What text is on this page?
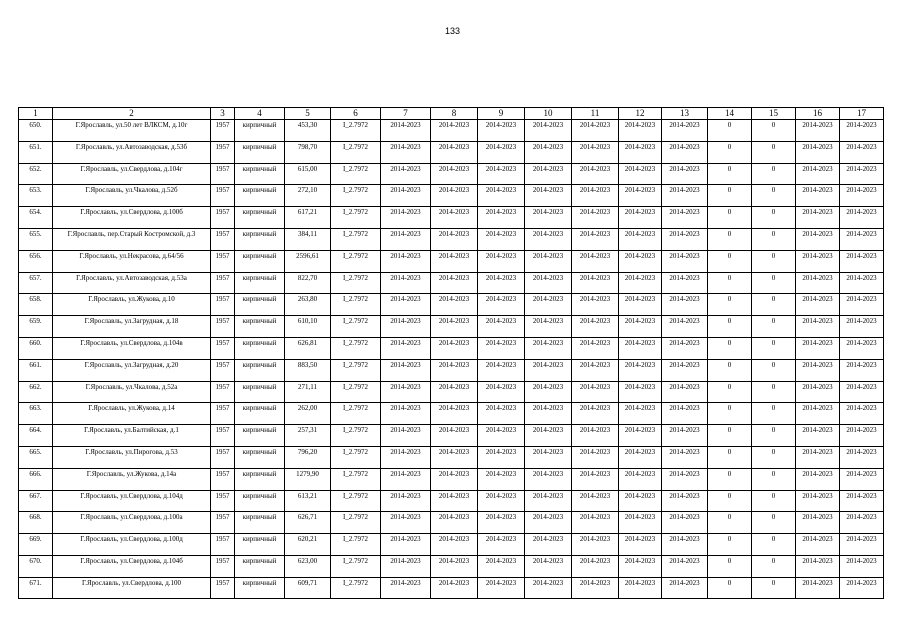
133
1	2	3	4	5	6	7	8	9	10	11	12	13	14	15	16	17
650.	Г.Ярославль, ул.50 лет ВЛКСМ, д.10г	1957	кирпичный	453,30	I_2.7972	2014-2023	2014-2023	2014-2023	2014-2023	2014-2023	2014-2023	2014-2023	0	0	2014-2023	2014-2023
651.	Г.Ярославль, ул.Автозаводская, д.53б	1957	кирпичный	798,70	I_2.7972	2014-2023	2014-2023	2014-2023	2014-2023	2014-2023	2014-2023	2014-2023	0	0	2014-2023	2014-2023
652.	Г.Ярославль, ул.Свердлова, д.104г	1957	кирпичный	615,00	I_2.7972	2014-2023	2014-2023	2014-2023	2014-2023	2014-2023	2014-2023	2014-2023	0	0	2014-2023	2014-2023
653.	Г.Ярославль, ул.Чкалова, д.52б	1957	кирпичный	272,10	I_2.7972	2014-2023	2014-2023	2014-2023	2014-2023	2014-2023	2014-2023	2014-2023	0	0	2014-2023	2014-2023
654.	Г.Ярославль, ул.Свердлова, д.100б	1957	кирпичный	617,21	I_2.7972	2014-2023	2014-2023	2014-2023	2014-2023	2014-2023	2014-2023	2014-2023	0	0	2014-2023	2014-2023
655.	Г.Ярославль, пер.Старый Костромской, д.3	1957	кирпичный	384,11	I_2.7972	2014-2023	2014-2023	2014-2023	2014-2023	2014-2023	2014-2023	2014-2023	0	0	2014-2023	2014-2023
656.	Г.Ярославль, ул.Некрасова, д.64/56	1957	кирпичный	2596,61	I_2.7972	2014-2023	2014-2023	2014-2023	2014-2023	2014-2023	2014-2023	2014-2023	0	0	2014-2023	2014-2023
657.	Г.Ярославль, ул.Автозаводская, д.53а	1957	кирпичный	822,70	I_2.7972	2014-2023	2014-2023	2014-2023	2014-2023	2014-2023	2014-2023	2014-2023	0	0	2014-2023	2014-2023
658.	Г.Ярославль, ул.Жукова, д.10	1957	кирпичный	263,80	I_2.7972	2014-2023	2014-2023	2014-2023	2014-2023	2014-2023	2014-2023	2014-2023	0	0	2014-2023	2014-2023
659.	Г.Ярославль, ул.Загрудная, д.18	1957	кирпичный	610,10	I_2.7972	2014-2023	2014-2023	2014-2023	2014-2023	2014-2023	2014-2023	2014-2023	0	0	2014-2023	2014-2023
660.	Г.Ярославль, ул.Свердлова, д.104в	1957	кирпичный	626,81	I_2.7972	2014-2023	2014-2023	2014-2023	2014-2023	2014-2023	2014-2023	2014-2023	0	0	2014-2023	2014-2023
661.	Г.Ярославль, ул.Загрудная, д.20	1957	кирпичный	883,50	I_2.7972	2014-2023	2014-2023	2014-2023	2014-2023	2014-2023	2014-2023	2014-2023	0	0	2014-2023	2014-2023
662.	Г.Ярославль, ул.Чкалова, д.52а	1957	кирпичный	271,11	I_2.7972	2014-2023	2014-2023	2014-2023	2014-2023	2014-2023	2014-2023	2014-2023	0	0	2014-2023	2014-2023
663.	Г.Ярославль, ул.Жукова, д.14	1957	кирпичный	262,00	I_2.7972	2014-2023	2014-2023	2014-2023	2014-2023	2014-2023	2014-2023	2014-2023	0	0	2014-2023	2014-2023
664.	Г.Ярославль, ул.Балтийская, д.1	1957	кирпичный	257,31	I_2.7972	2014-2023	2014-2023	2014-2023	2014-2023	2014-2023	2014-2023	2014-2023	0	0	2014-2023	2014-2023
665.	Г.Ярославль, ул.Пирогова, д.53	1957	кирпичный	796,20	I_2.7972	2014-2023	2014-2023	2014-2023	2014-2023	2014-2023	2014-2023	2014-2023	0	0	2014-2023	2014-2023
666.	Г.Ярославль, ул.Жукова, д.14а	1957	кирпичный	1279,90	I_2.7972	2014-2023	2014-2023	2014-2023	2014-2023	2014-2023	2014-2023	2014-2023	0	0	2014-2023	2014-2023
667.	Г.Ярославль, ул.Свердлова, д.104д	1957	кирпичный	613,21	I_2.7972	2014-2023	2014-2023	2014-2023	2014-2023	2014-2023	2014-2023	2014-2023	0	0	2014-2023	2014-2023
668.	Г.Ярославль, ул.Свердлова, д.100а	1957	кирпичный	626,71	I_2.7972	2014-2023	2014-2023	2014-2023	2014-2023	2014-2023	2014-2023	2014-2023	0	0	2014-2023	2014-2023
669.	Г.Ярославль, ул.Свердлова, д.100д	1957	кирпичный	620,21	I_2.7972	2014-2023	2014-2023	2014-2023	2014-2023	2014-2023	2014-2023	2014-2023	0	0	2014-2023	2014-2023
670.	Г.Ярославль, ул.Свердлова, д.104б	1957	кирпичный	623,00	I_2.7972	2014-2023	2014-2023	2014-2023	2014-2023	2014-2023	2014-2023	2014-2023	0	0	2014-2023	2014-2023
671.	Г.Ярославль, ул.Свердлова, д.100	1957	кирпичный	609,71	I_2.7972	2014-2023	2014-2023	2014-2023	2014-2023	2014-2023	2014-2023	2014-2023	0	0	2014-2023	2014-2023
